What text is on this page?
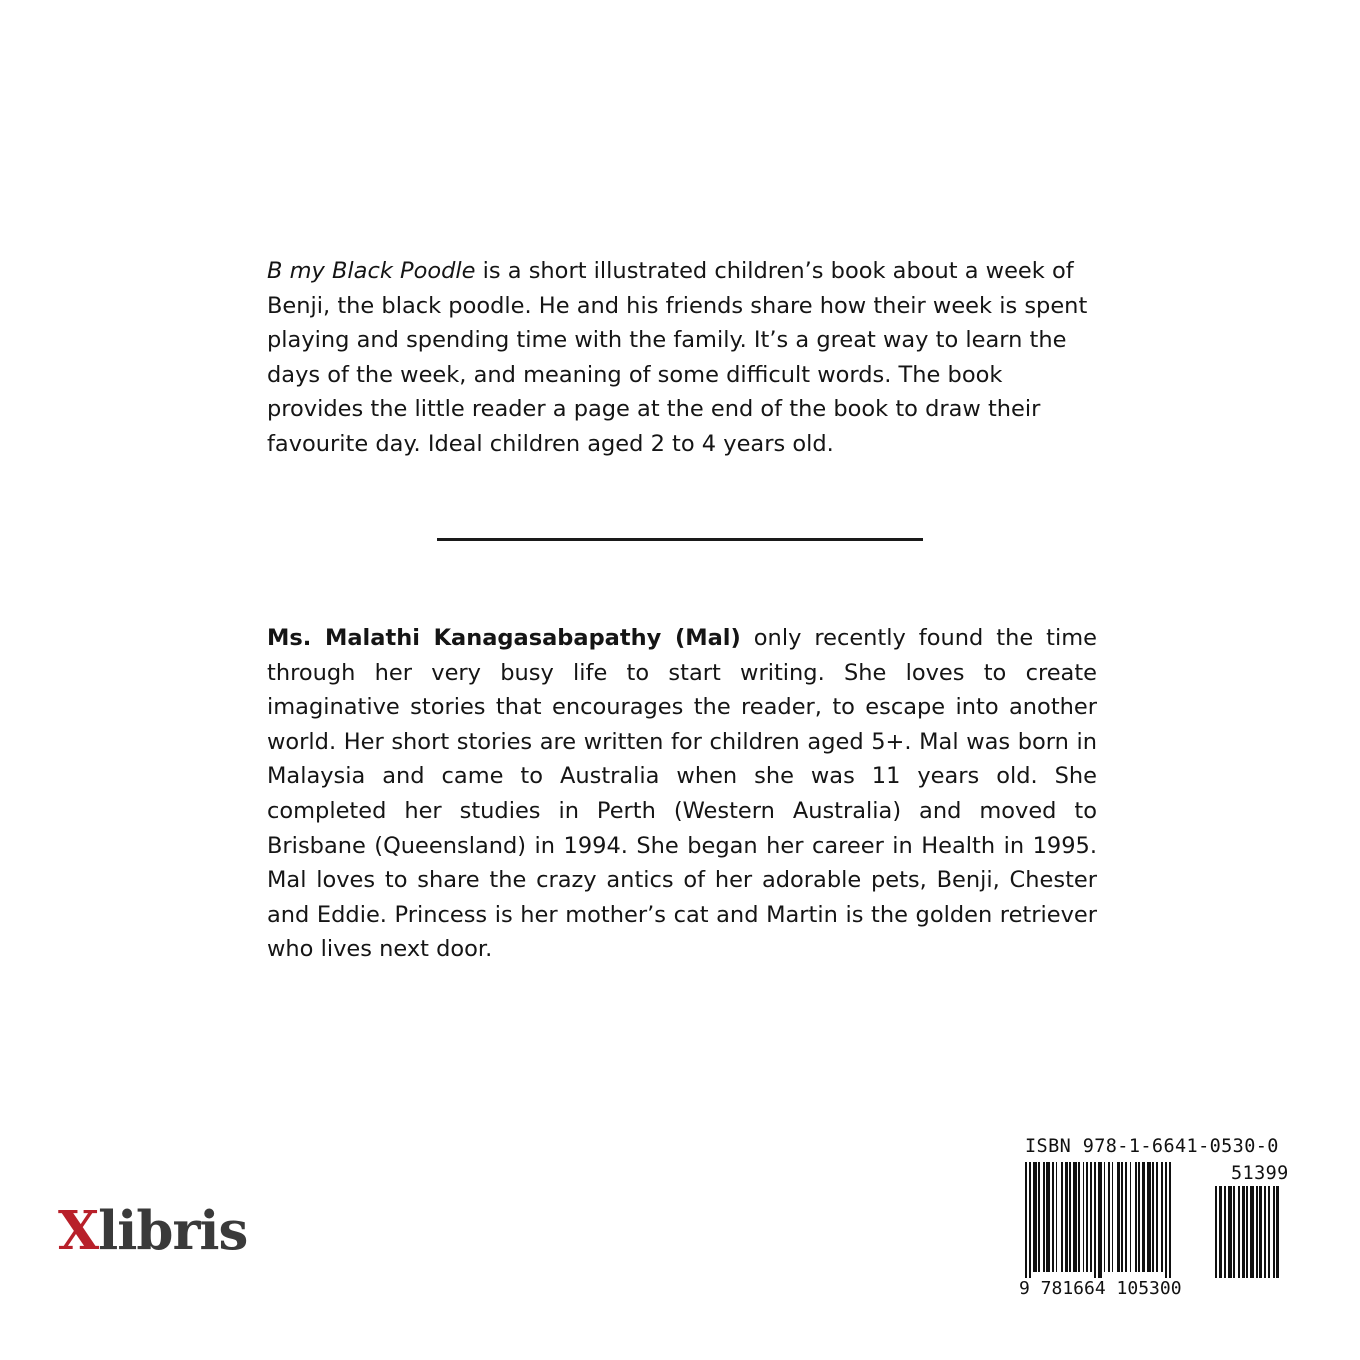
B my Black Poodle is a short illustrated children’s book about a week of Benji, the black poodle. He and his friends share how their week is spent playing and spending time with the family. It’s a great way to learn the days of the week, and meaning of some difficult words. The book provides the little reader a page at the end of the book to draw their favourite day. Ideal children aged 2 to 4 years old.

Ms. Malathi Kanagasabapathy (Mal) only recently found the time through her very busy life to start writing. She loves to create imaginative stories that encourages the reader, to escape into another world. Her short stories are written for children aged 5+. Mal was born in Malaysia and came to Australia when she was 11 years old. She completed her studies in Perth (Western Australia) and moved to Brisbane (Queensland) in 1994. She began her career in Health in 1995. Mal loves to share the crazy antics of her adorable pets, Benji, Chester and Eddie. Princess is her mother’s cat and Martin is the golden retriever who lives next door.

Xlibris
ISBN 978-1-6641-0530-0
51399
9 781664 105300
